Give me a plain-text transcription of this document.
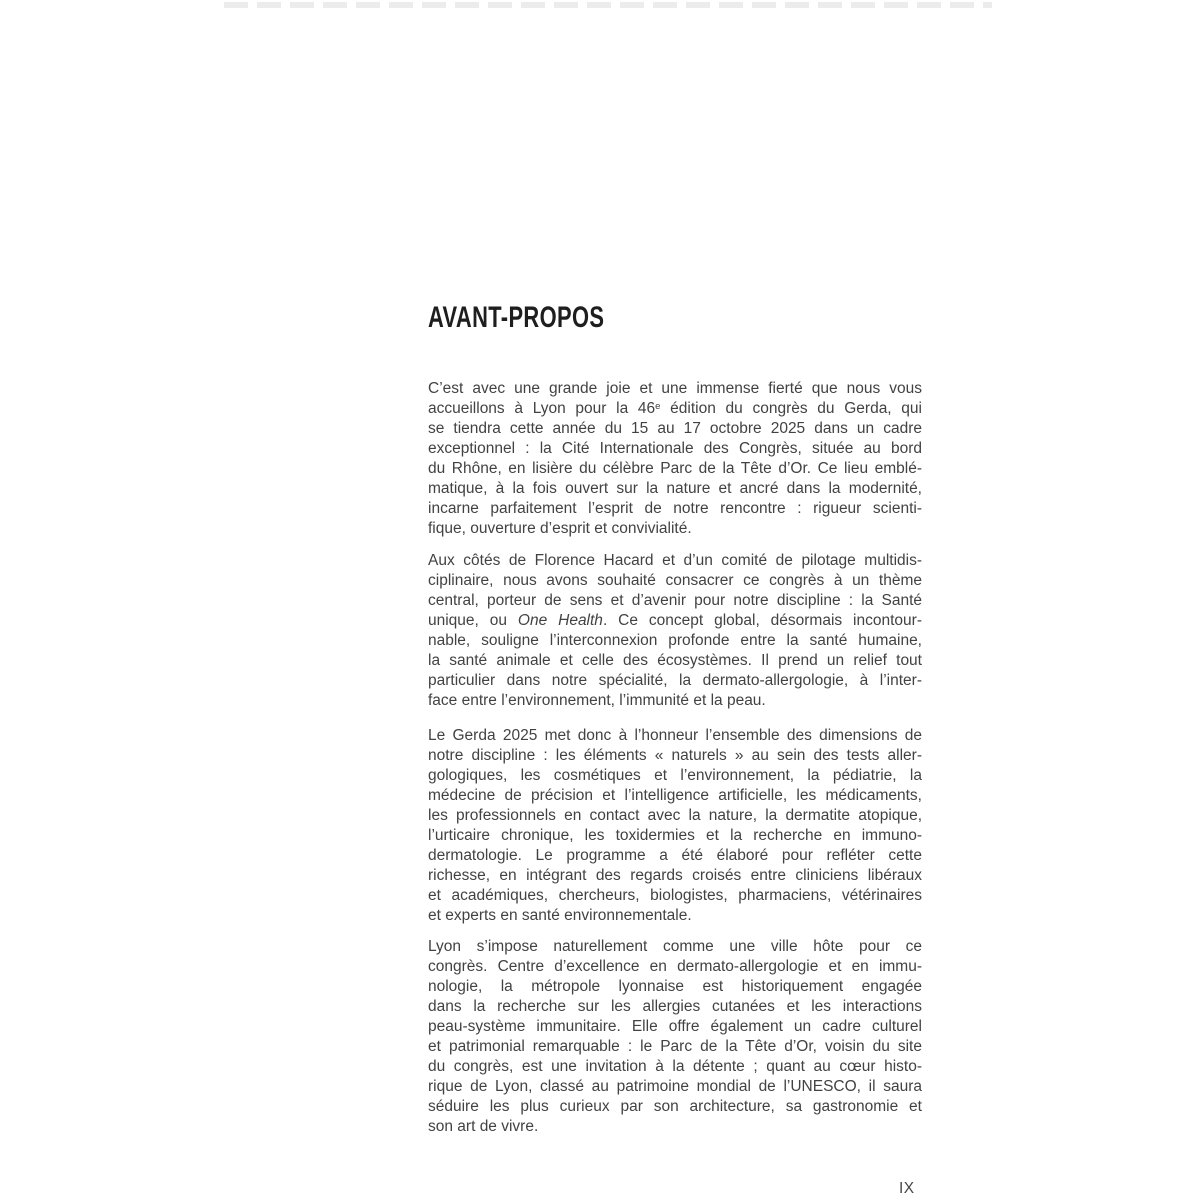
AVANT-PROPOS
C’est avec une grande joie et une immense fierté que nous vous
accueillons à Lyon pour la 46e édition du congrès du Gerda, qui
se tiendra cette année du 15 au 17 octobre 2025 dans un cadre
exceptionnel : la Cité Internationale des Congrès, située au bord
du Rhône, en lisière du célèbre Parc de la Tête d’Or. Ce lieu emblé-
matique, à la fois ouvert sur la nature et ancré dans la modernité,
incarne parfaitement l’esprit de notre rencontre : rigueur scienti-
fique, ouverture d’esprit et convivialité.
Aux côtés de Florence Hacard et d’un comité de pilotage multidis-
ciplinaire, nous avons souhaité consacrer ce congrès à un thème
central, porteur de sens et d’avenir pour notre discipline : la Santé
unique, ou One Health. Ce concept global, désormais incontour-
nable, souligne l’interconnexion profonde entre la santé humaine,
la santé animale et celle des écosystèmes. Il prend un relief tout
particulier dans notre spécialité, la dermato-allergologie, à l’inter-
face entre l’environnement, l’immunité et la peau.
Le Gerda 2025 met donc à l’honneur l’ensemble des dimensions de
notre discipline : les éléments « naturels » au sein des tests aller-
gologiques, les cosmétiques et l’environnement, la pédiatrie, la
médecine de précision et l’intelligence artificielle, les médicaments,
les professionnels en contact avec la nature, la dermatite atopique,
l’urticaire chronique, les toxidermies et la recherche en immuno-
dermatologie. Le programme a été élaboré pour refléter cette
richesse, en intégrant des regards croisés entre cliniciens libéraux
et académiques, chercheurs, biologistes, pharmaciens, vétérinaires
et experts en santé environnementale.
Lyon s’impose naturellement comme une ville hôte pour ce
congrès. Centre d’excellence en dermato-allergologie et en immu-
nologie, la métropole lyonnaise est historiquement engagée
dans la recherche sur les allergies cutanées et les interactions
peau-système immunitaire. Elle offre également un cadre culturel
et patrimonial remarquable : le Parc de la Tête d’Or, voisin du site
du congrès, est une invitation à la détente ; quant au cœur histo-
rique de Lyon, classé au patrimoine mondial de l’UNESCO, il saura
séduire les plus curieux par son architecture, sa gastronomie et
son art de vivre.
IX
